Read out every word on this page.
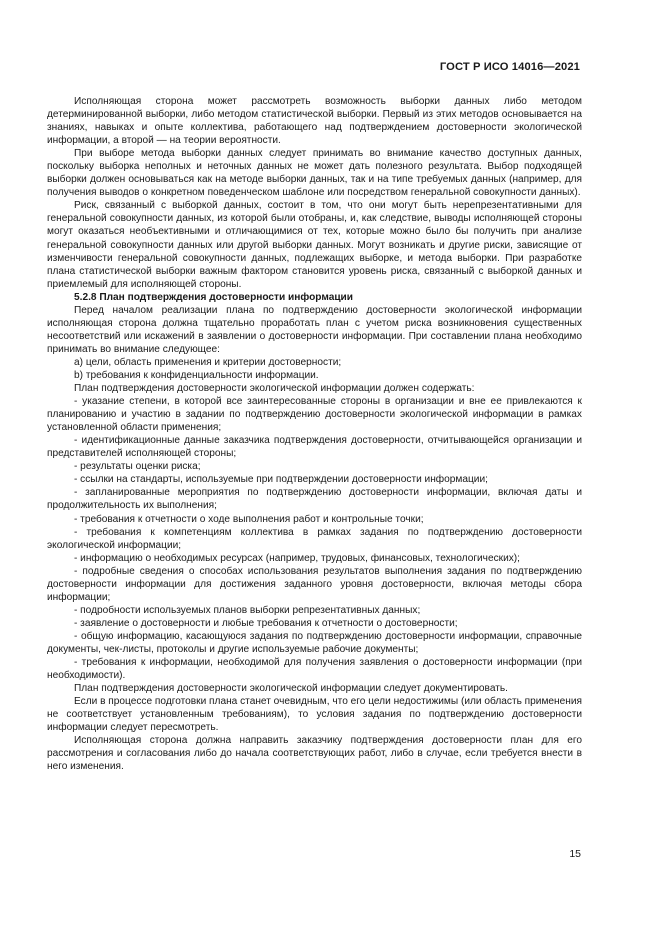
ГОСТ Р ИСО 14016—2021

Исполняющая сторона может рассмотреть возможность выборки данных либо методом детерминированной выборки, либо методом статистической выборки. Первый из этих методов основывается на знаниях, навыках и опыте коллектива, работающего над подтверждением достоверности экологической информации, а второй — на теории вероятности.

При выборе метода выборки данных следует принимать во внимание качество доступных данных, поскольку выборка неполных и неточных данных не может дать полезного результата. Выбор подходящей выборки должен основываться как на методе выборки данных, так и на типе требуемых данных (например, для получения выводов о конкретном поведенческом шаблоне или посредством генеральной совокупности данных).

Риск, связанный с выборкой данных, состоит в том, что они могут быть нерепрезентативными для генеральной совокупности данных, из которой были отобраны, и, как следствие, выводы исполняющей стороны могут оказаться необъективными и отличающимися от тех, которые можно было бы получить при анализе генеральной совокупности данных или другой выборки данных. Могут возникать и другие риски, зависящие от изменчивости генеральной совокупности данных, подлежащих выборке, и метода выборки. При разработке плана статистической выборки важным фактором становится уровень риска, связанный с выборкой данных и приемлемый для исполняющей стороны.

5.2.8 План подтверждения достоверности информации

Перед началом реализации плана по подтверждению достоверности экологической информации исполняющая сторона должна тщательно проработать план с учетом риска возникновения существенных несоответствий или искажений в заявлении о достоверности информации. При составлении плана необходимо принимать во внимание следующее:

a) цели, область применения и критерии достоверности;

b) требования к конфиденциальности информации.

План подтверждения достоверности экологической информации должен содержать:

- указание степени, в которой все заинтересованные стороны в организации и вне ее привлекаются к планированию и участию в задании по подтверждению достоверности экологической информации в рамках установленной области применения;

- идентификационные данные заказчика подтверждения достоверности, отчитывающейся организации и представителей исполняющей стороны;

- результаты оценки риска;

- ссылки на стандарты, используемые при подтверждении достоверности информации;

- запланированные мероприятия по подтверждению достоверности информации, включая даты и продолжительность их выполнения;

- требования к отчетности о ходе выполнения работ и контрольные точки;

- требования к компетенциям коллектива в рамках задания по подтверждению достоверности экологической информации;

- информацию о необходимых ресурсах (например, трудовых, финансовых, технологических);

- подробные сведения о способах использования результатов выполнения задания по подтверждению достоверности информации для достижения заданного уровня достоверности, включая методы сбора информации;

- подробности используемых планов выборки репрезентативных данных;

- заявление о достоверности и любые требования к отчетности о достоверности;

- общую информацию, касающуюся задания по подтверждению достоверности информации, справочные документы, чек-листы, протоколы и другие используемые рабочие документы;

- требования к информации, необходимой для получения заявления о достоверности информации (при необходимости).

План подтверждения достоверности экологической информации следует документировать.

Если в процессе подготовки плана станет очевидным, что его цели недостижимы (или область применения не соответствует установленным требованиям), то условия задания по подтверждению достоверности информации следует пересмотреть.

Исполняющая сторона должна направить заказчику подтверждения достоверности план для его рассмотрения и согласования либо до начала соответствующих работ, либо в случае, если требуется внести в него изменения.

15
